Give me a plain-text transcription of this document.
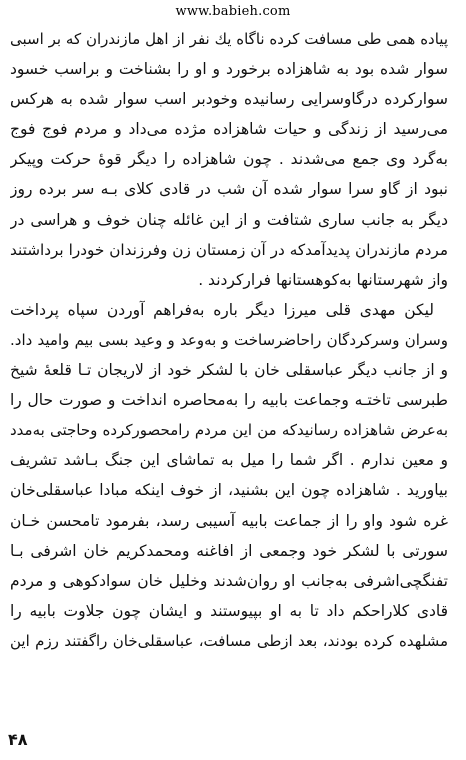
www.babieh.com
پیاده همی طی مسافت کرده ناگاه یك نفر از اهل مازندران که بر اسبی
سوار شده بود به شاهزاده برخورد و او را بشناخت و براسب خسود
سوارکرده درگاوسرایی رسانیده وخودبر اسب سوار شده به هرکس
می‌رسید از زندگی و حیات شاهزاده مژده می‌داد و مردم فوج فوج
به‌گرد وی جمع می‌شدند . چون شاهزاده را دیگر قوهٔ حرکت وپیکر
نبود از گاو سرا سوار شده آن شب در قادی کلای بـه سر برده روز
دیگر به جانب ساری شتافت و از این غائله چنان خوف و هراسی در
مردم مازندران پدیدآمدکه در آن زمستان زن وفرزندان خودرا برداشتند
واز شهرستانها به‌کوهستانها فرارکردند .
لیکن مهدی قلی میرزا دیگر باره به‌فراهم آوردن سپاه پرداخت
وسران وسرکردگان راحاضرساخت و به‌وعد و وعید بسی بیم وامید داد.
و از جانب دیگر عباسقلی خان با لشکر خود از لاریجان تـا قلعهٔ شیخ
طبرسی تاختـه وجماعت بابیه را به‌محاصره انداخت و صورت حال را
به‌عرض شاهزاده رسانیدکه من این مردم رامحصورکرده وحاجتی به‌مدد
و معین ندارم . اگر شما را میل به تماشای این جنگ بـاشد تشریف
بیاورید . شاهزاده چون این بشنید، از خوف اینکه مبادا عباسقلی‌خان
غره شود واو را از جماعت بابیه آسیبی رسد، بفرمود تامحسن خـان
سورتی با لشکر خود وجمعی از افاغنه ومحمدکریم خان اشرفی بـا
تفنگچی‌اشرفی به‌جانب او روان‌شدند وخلیل خان سوادکوهی و مردم
قادی کلاراحکم داد تا به او بپیوستند و ایشان چون جلاوت بابیه را
مشلهده کرده بودند، بعد ازطی مسافت، عباسقلی‌خان راگفتند رزم این
۴۸
